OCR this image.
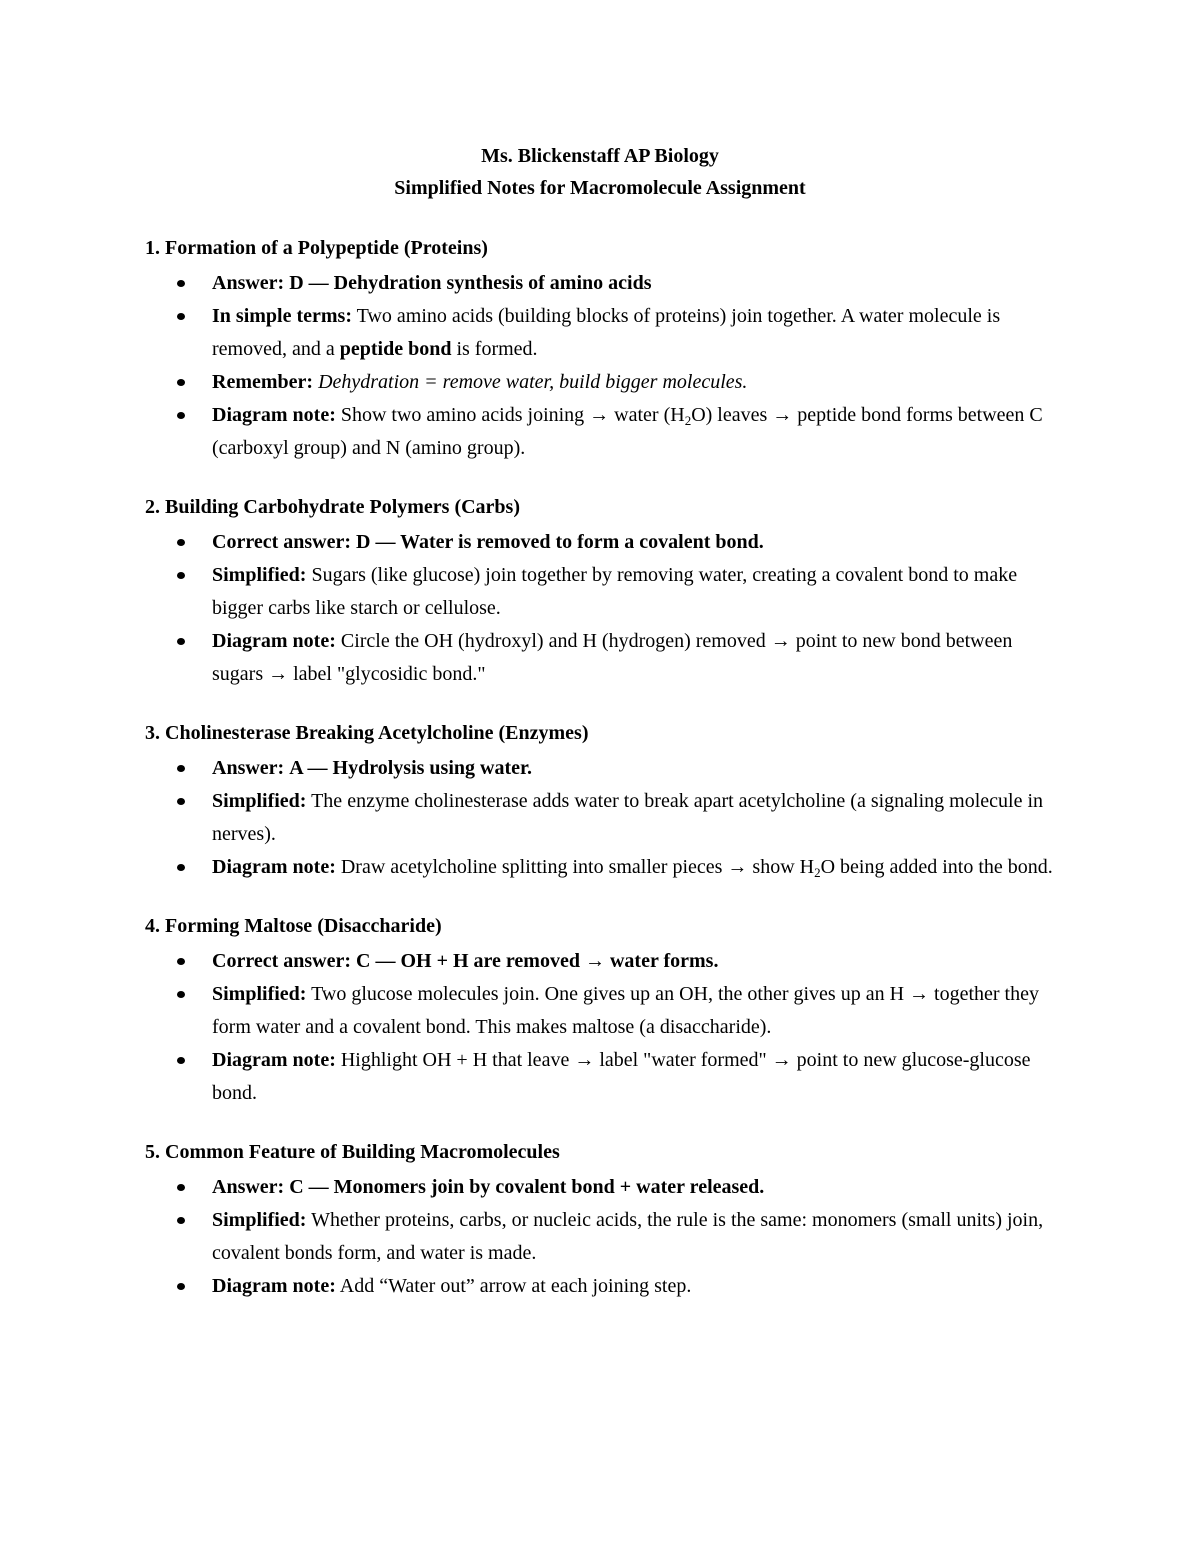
Ms. Blickenstaff AP Biology
Simplified Notes for Macromolecule Assignment
1. Formation of a Polypeptide (Proteins)
Answer: D — Dehydration synthesis of amino acids
In simple terms: Two amino acids (building blocks of proteins) join together. A water molecule is removed, and a peptide bond is formed.
Remember: Dehydration = remove water, build bigger molecules.
Diagram note: Show two amino acids joining → water $(H_2O)$ leaves → peptide bond forms between C (carboxyl group) and N (amino group).
2. Building Carbohydrate Polymers (Carbs)
Correct answer: D — Water is removed to form a covalent bond.
Simplified: Sugars (like glucose) join together by removing water, creating a covalent bond to make bigger carbs like starch or cellulose.
Diagram note: Circle the OH (hydroxyl) and H (hydrogen) removed → point to new bond between sugars → label "glycosidic bond."
3. Cholinesterase Breaking Acetylcholine (Enzymes)
Answer: A — Hydrolysis using water.
Simplified: The enzyme cholinesterase adds water to break apart acetylcholine (a signaling molecule in nerves).
Diagram note: Draw acetylcholine splitting into smaller pieces → show $H_2O$ being added into the bond.
4. Forming Maltose (Disaccharide)
Correct answer: C — OH + H are removed → water forms.
Simplified: Two glucose molecules join. One gives up an OH, the other gives up an H → together they form water and a covalent bond. This makes maltose (a disaccharide).
Diagram note: Highlight OH + H that leave → label "water formed" → point to new glucose-glucose bond.
5. Common Feature of Building Macromolecules
Answer: C — Monomers join by covalent bond + water released.
Simplified: Whether proteins, carbs, or nucleic acids, the rule is the same: monomers (small units) join, covalent bonds form, and water is made.
Diagram note: Add “Water out” arrow at each joining step.
